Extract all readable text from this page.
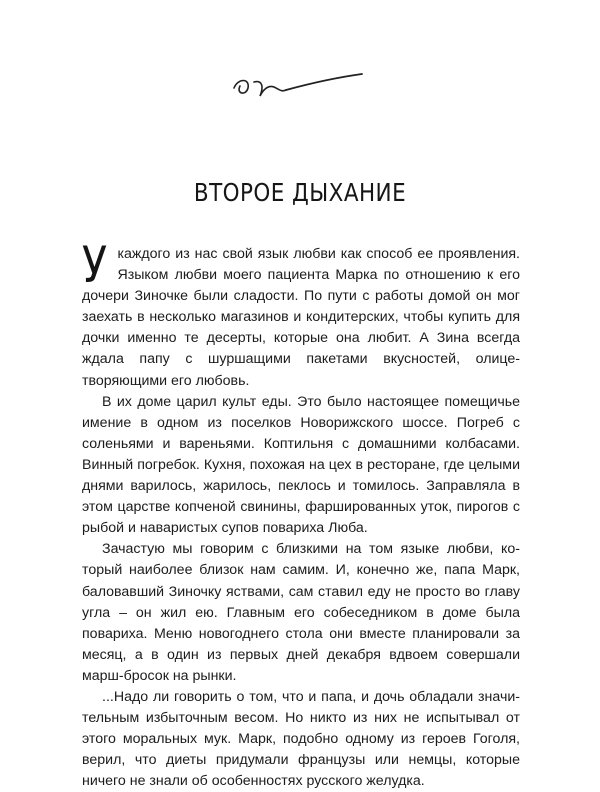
ВТОРОЕ ДЫХАНИЕ

У каждого из нас свой язык любви как способ ее проявления. Языком любви моего пациента Марка по отношению к его дочери Зиночке были сладости. По пути с работы домой он мог заехать в несколько магазинов и кондитерских, чтобы купить для дочки именно те десерты, которые она любит. А Зина всегда ждала папу с шуршащими пакетами вкусностей, олицетворяющими его любовь.

В их доме царил культ еды. Это было настоящее помещичье имение в одном из поселков Новорижского шоссе. Погреб с соленьями и вареньями. Коптильня с домашними колбасами. Винный погребок. Кухня, похожая на цех в ресторане, где целыми днями варилось, жарилось, пеклось и томилось. Заправляла в этом царстве копченой свинины, фаршированных уток, пирогов с рыбой и наваристых супов повариха Люба.

Зачастую мы говорим с близкими на том языке любви, который наиболее близок нам самим. И, конечно же, папа Марк, баловавший Зиночку яствами, сам ставил еду не просто во главу угла – он жил ею. Главным его собеседником в доме была повариха. Меню новогоднего стола они вместе планировали за месяц, а в один из первых дней декабря вдвоем совершали марш-бросок на рынки.

...Надо ли говорить о том, что и папа, и дочь обладали значительным избыточным весом. Но никто из них не испытывал от этого моральных мук. Марк, подобно одному из героев Гоголя, верил, что диеты придумали французы или немцы, которые ничего не знали об особенностях русского желудка.
